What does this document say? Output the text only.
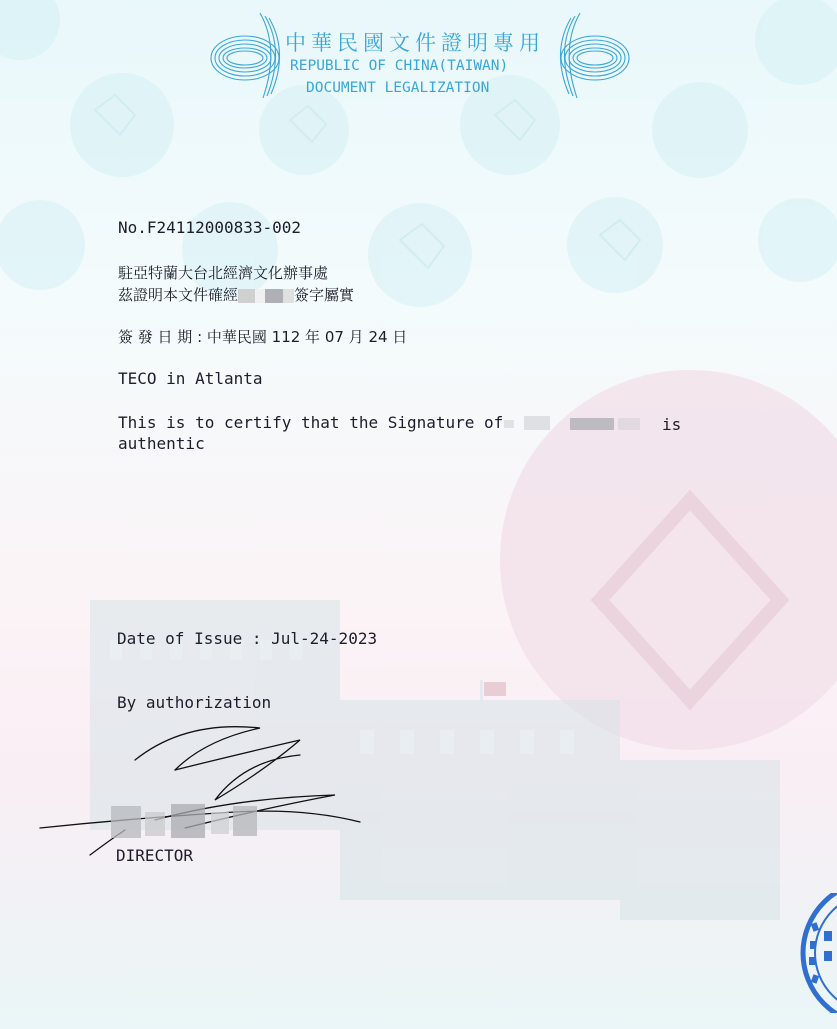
中華民國文件證明專用
REPUBLIC OF CHINA(TAIWAN)
DOCUMENT LEGALIZATION
No.F24112000833-002
駐亞特蘭大台北經濟文化辦事處
茲證明本文件確經	簽字屬實
簽 發 日 期 : 中華民國 112 年 07 月 24 日
TECO in Atlanta
This is to certify that the Signature of	is
authentic
Date of Issue : Jul-24-2023
By authorization
DIRECTOR
